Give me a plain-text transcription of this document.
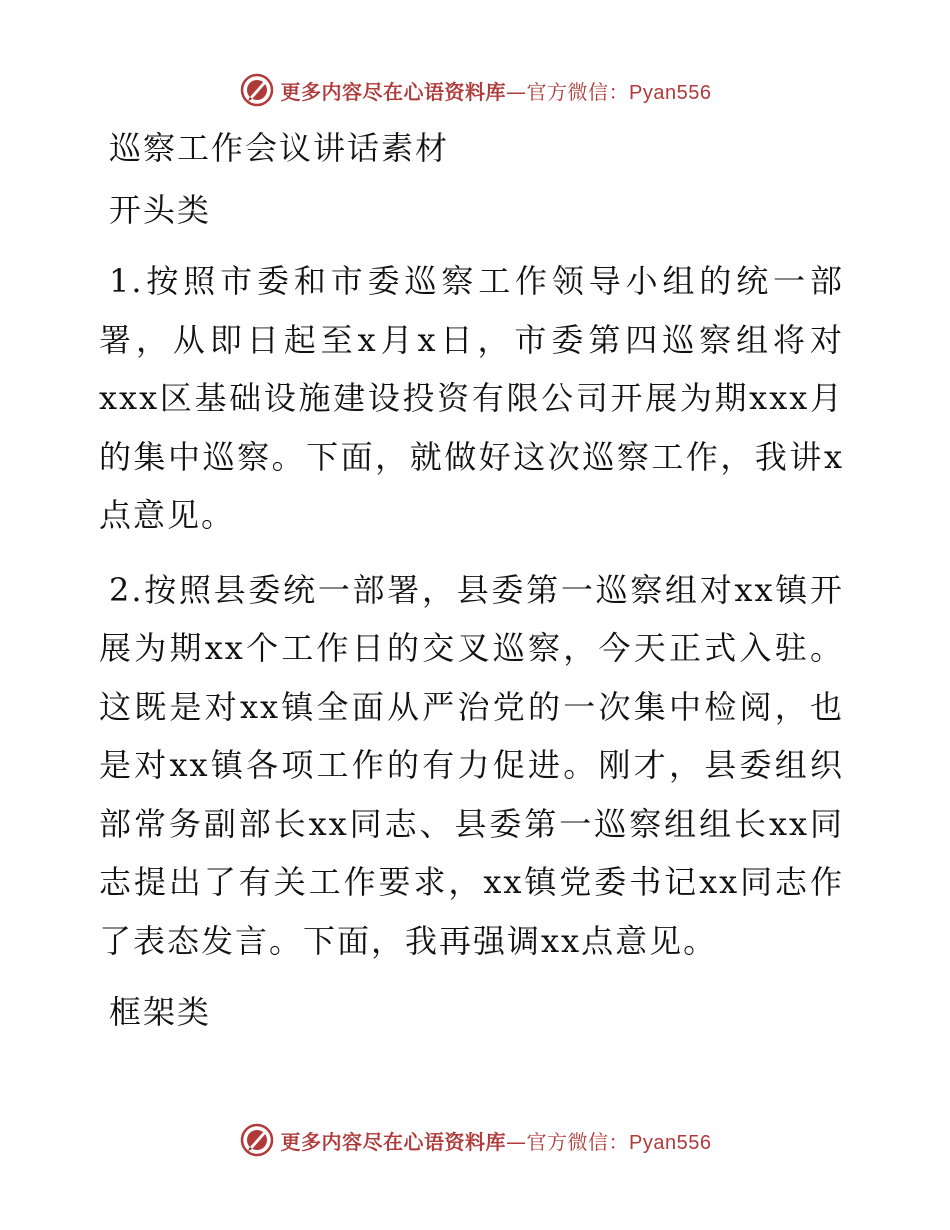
更多内容尽在心语资料库—官方微信：Pyan556
巡察工作会议讲话素材
开头类

1.按照市委和市委巡察工作领导小组的统一部署，从即日起至x月x日，市委第四巡察组将对xxx区基础设施建设投资有限公司开展为期xxx月的集中巡察。下面，就做好这次巡察工作，我讲x点意见。

2.按照县委统一部署，县委第一巡察组对xx镇开展为期xx个工作日的交叉巡察，今天正式入驻。这既是对xx镇全面从严治党的一次集中检阅，也是对xx镇各项工作的有力促进。刚才，县委组织部常务副部长xx同志、县委第一巡察组组长xx同志提出了有关工作要求，xx镇党委书记xx同志作了表态发言。下面，我再强调xx点意见。

框架类
更多内容尽在心语资料库—官方微信：Pyan556
